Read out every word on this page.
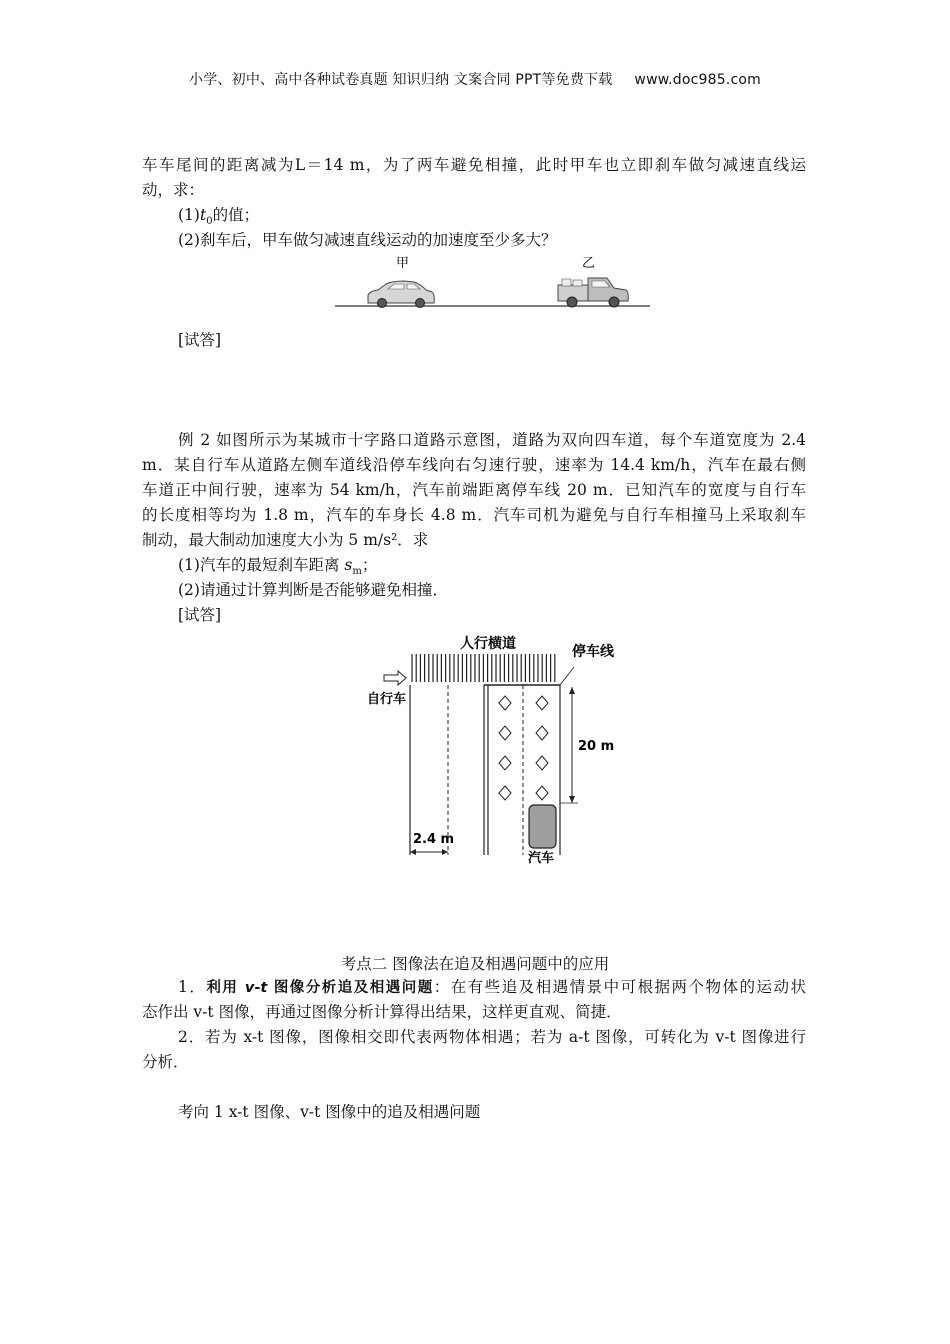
小学、初中、高中各种试卷真题 知识归纳 文案合同 PPT等免费下载 www.doc985.com
车车尾间的距离减为L＝14 m，为了两车避免相撞，此时甲车也立即刹车做匀减速直线运
动，求：
$(1)t_0$的值；
(2)刹车后，甲车做匀减速直线运动的加速度至少多大？
甲	乙
[试答]
例 2 如图所示为某城市十字路口道路示意图，道路为双向四车道，每个车道宽度为 2.4
m．某自行车从道路左侧车道线沿停车线向右匀速行驶，速率为 14.4 km/h，汽车在最右侧
车道正中间行驶，速率为 54 km/h，汽车前端距离停车线 20 m．已知汽车的宽度与自行车
的长度相等均为 1.8 m，汽车的车身长 4.8 m．汽车司机为避免与自行车相撞马上采取刹车
制动，最大制动加速度大小为 5 m/s²．求
(1)汽车的最短刹车距离 $s_m$；
(2)请通过计算判断是否能够避免相撞．
[试答]
人行横道	停车线
自行车
汽车
20 m
2.4 m
考点二 图像法在追及相遇问题中的应用
1．利用 v-t 图像分析追及相遇问题：在有些追及相遇情景中可根据两个物体的运动状
态作出 v-t 图像，再通过图像分析计算得出结果，这样更直观、简捷．
2．若为 x-t 图像，图像相交即代表两物体相遇；若为 a-t 图像，可转化为 v-t 图像进行
分析．
考向 1 x-t 图像、v-t 图像中的追及相遇问题
